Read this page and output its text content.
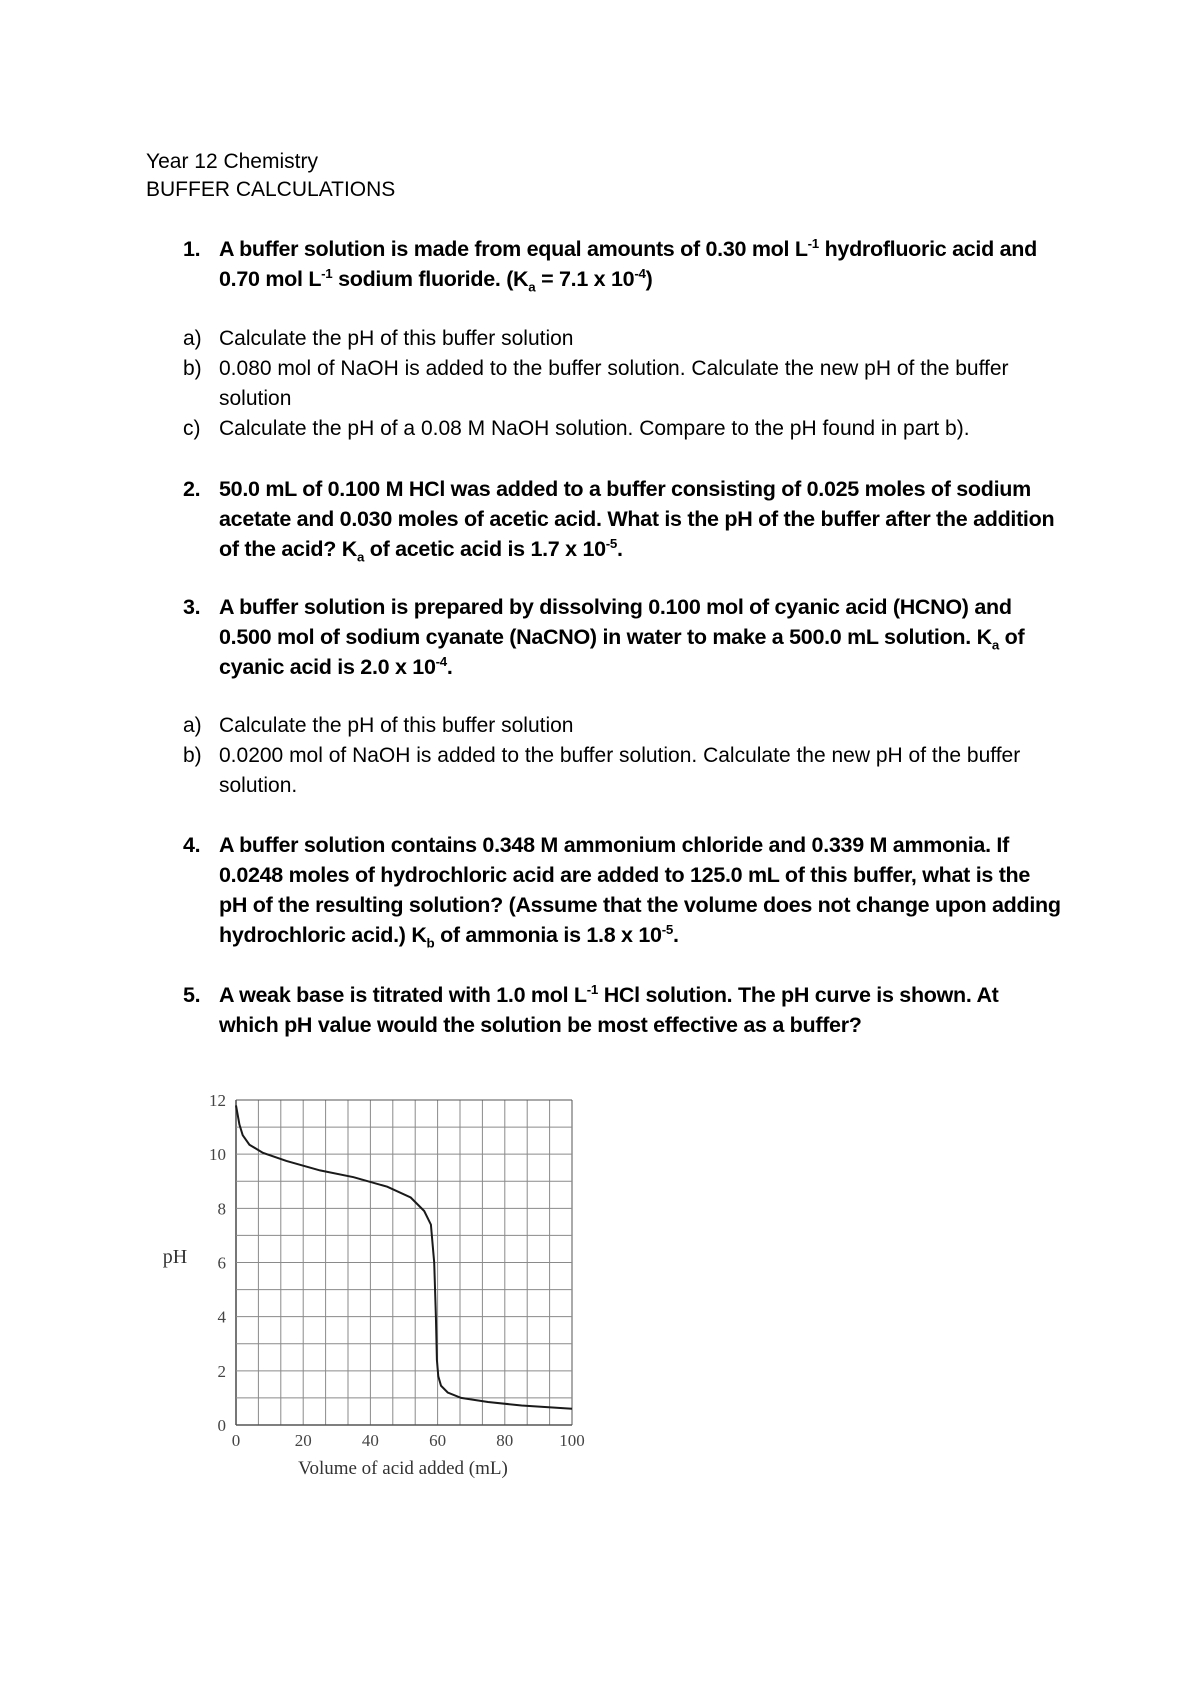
Year 12 Chemistry
BUFFER CALCULATIONS
1. A buffer solution is made from equal amounts of 0.30 mol $L^{-1}$ hydrofluoric acid and 0.70 mol $L^{-1}$ sodium fluoride. ($K_a = 7.1$ x $10^{-4}$)
a) Calculate the pH of this buffer solution
b) 0.080 mol of NaOH is added to the buffer solution. Calculate the new pH of the buffer solution
c) Calculate the pH of a 0.08 M NaOH solution. Compare to the pH found in part b).
2. 50.0 mL of 0.100 M HCl was added to a buffer consisting of 0.025 moles of sodium acetate and 0.030 moles of acetic acid. What is the pH of the buffer after the addition of the acid? $K_a$ of acetic acid is 1.7 x $10^{-5}$.
3. A buffer solution is prepared by dissolving 0.100 mol of cyanic acid (HCNO) and 0.500 mol of sodium cyanate (NaCNO) in water to make a 500.0 mL solution. $K_a$ of cyanic acid is 2.0 x $10^{-4}$.
a) Calculate the pH of this buffer solution
b) 0.0200 mol of NaOH is added to the buffer solution. Calculate the new pH of the buffer solution.
4. A buffer solution contains 0.348 M ammonium chloride and 0.339 M ammonia. If 0.0248 moles of hydrochloric acid are added to 125.0 mL of this buffer, what is the pH of the resulting solution? (Assume that the volume does not change upon adding hydrochloric acid.) $K_b$ of ammonia is 1.8 x $10^{-5}$.
5. A weak base is titrated with 1.0 mol $L^{-1}$ HCl solution. The pH curve is shown. At which pH value would the solution be most effective as a buffer?
0
2
4
6
8
10
12
0	20	40	60	80	100
pH
Volume of acid added (mL)
